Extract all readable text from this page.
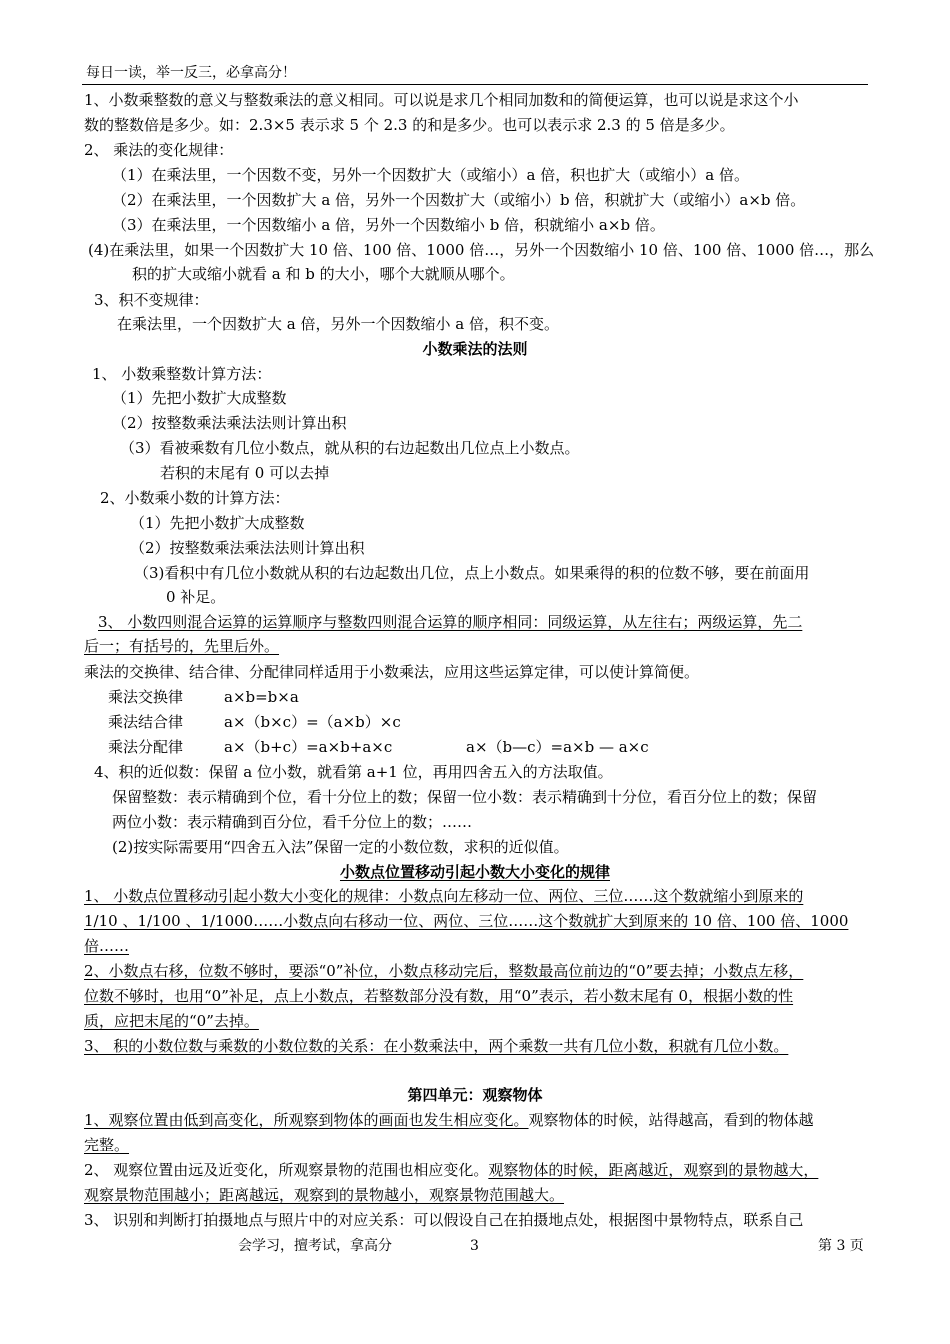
每日一读，举一反三，必拿高分！
1、小数乘整数的意义与整数乘法的意义相同。可以说是求几个相同加数和的简便运算，也可以说是求这个小
数的整数倍是多少。如：2.3×5 表示求 5 个 2.3 的和是多少。也可以表示求 2.3 的 5 倍是多少。
2、 乘法的变化规律：
（1）在乘法里，一个因数不变，另外一个因数扩大（或缩小）a 倍，积也扩大（或缩小）a 倍。
（2）在乘法里，一个因数扩大 a 倍，另外一个因数扩大（或缩小）b 倍，积就扩大（或缩小）a×b 倍。
（3）在乘法里，一个因数缩小 a 倍，另外一个因数缩小 b 倍，积就缩小 a×b 倍。
(4)在乘法里，如果一个因数扩大 10 倍、100 倍、1000 倍…，另外一个因数缩小 10 倍、100 倍、1000 倍…，那么
积的扩大或缩小就看 a 和 b 的大小，哪个大就顺从哪个。
3、积不变规律：
在乘法里，一个因数扩大 a 倍，另外一个因数缩小 a 倍，积不变。
小数乘法的法则
1、 小数乘整数计算方法：
（1）先把小数扩大成整数
（2）按整数乘法乘法法则计算出积
（3）看被乘数有几位小数点，就从积的右边起数出几位点上小数点。
若积的末尾有 0 可以去掉
2、小数乘小数的计算方法：
（1）先把小数扩大成整数
（2）按整数乘法乘法法则计算出积
（3)看积中有几位小数就从积的右边起数出几位，点上小数点。如果乘得的积的位数不够，要在前面用
0 补足。
3、 小数四则混合运算的运算顺序与整数四则混合运算的顺序相同：同级运算，从左往右；两级运算，先二
后一；有括号的，先里后外。
乘法的交换律、结合律、分配律同样适用于小数乘法，应用这些运算定律，可以使计算简便。
乘法交换律	a×b=b×a
乘法结合律	a×（b×c）=（a×b）×c
乘法分配律	a×（b+c）=a×b+a×c	a×（b—c）=a×b — a×c
4、积的近似数：保留 a 位小数，就看第 a+1 位，再用四舍五入的方法取值。
保留整数：表示精确到个位，看十分位上的数；保留一位小数：表示精确到十分位，看百分位上的数；保留
两位小数：表示精确到百分位，看千分位上的数；……
(2)按实际需要用“四舍五入法”保留一定的小数位数，求积的近似值。
小数点位置移动引起小数大小变化的规律
1、 小数点位置移动引起小数大小变化的规律：小数点向左移动一位、两位、三位……这个数就缩小到原来的
1/10 、1/100 、1/1000……小数点向右移动一位、两位、三位……这个数就扩大到原来的 10 倍、100 倍、1000
倍……
2、小数点右移，位数不够时，要添“0”补位，小数点移动完后，整数最高位前边的“0”要去掉；小数点左移，
位数不够时，也用“0”补足，点上小数点，若整数部分没有数，用“0”表示，若小数末尾有 0，根据小数的性
质，应把末尾的“0”去掉。
3、 积的小数位数与乘数的小数位数的关系：在小数乘法中，两个乘数一共有几位小数，积就有几位小数。
第四单元：观察物体
1、观察位置由低到高变化，所观察到物体的画面也发生相应变化。观察物体的时候，站得越高，看到的物体越
完整。
2、 观察位置由远及近变化，所观察景物的范围也相应变化。观察物体的时候，距离越近，观察到的景物越大，
观察景物范围越小；距离越远，观察到的景物越小，观察景物范围越大。
3、 识别和判断打拍摄地点与照片中的对应关系：可以假设自己在拍摄地点处，根据图中景物特点，联系自己
会学习，擅考试，拿高分	3	第 3 页
